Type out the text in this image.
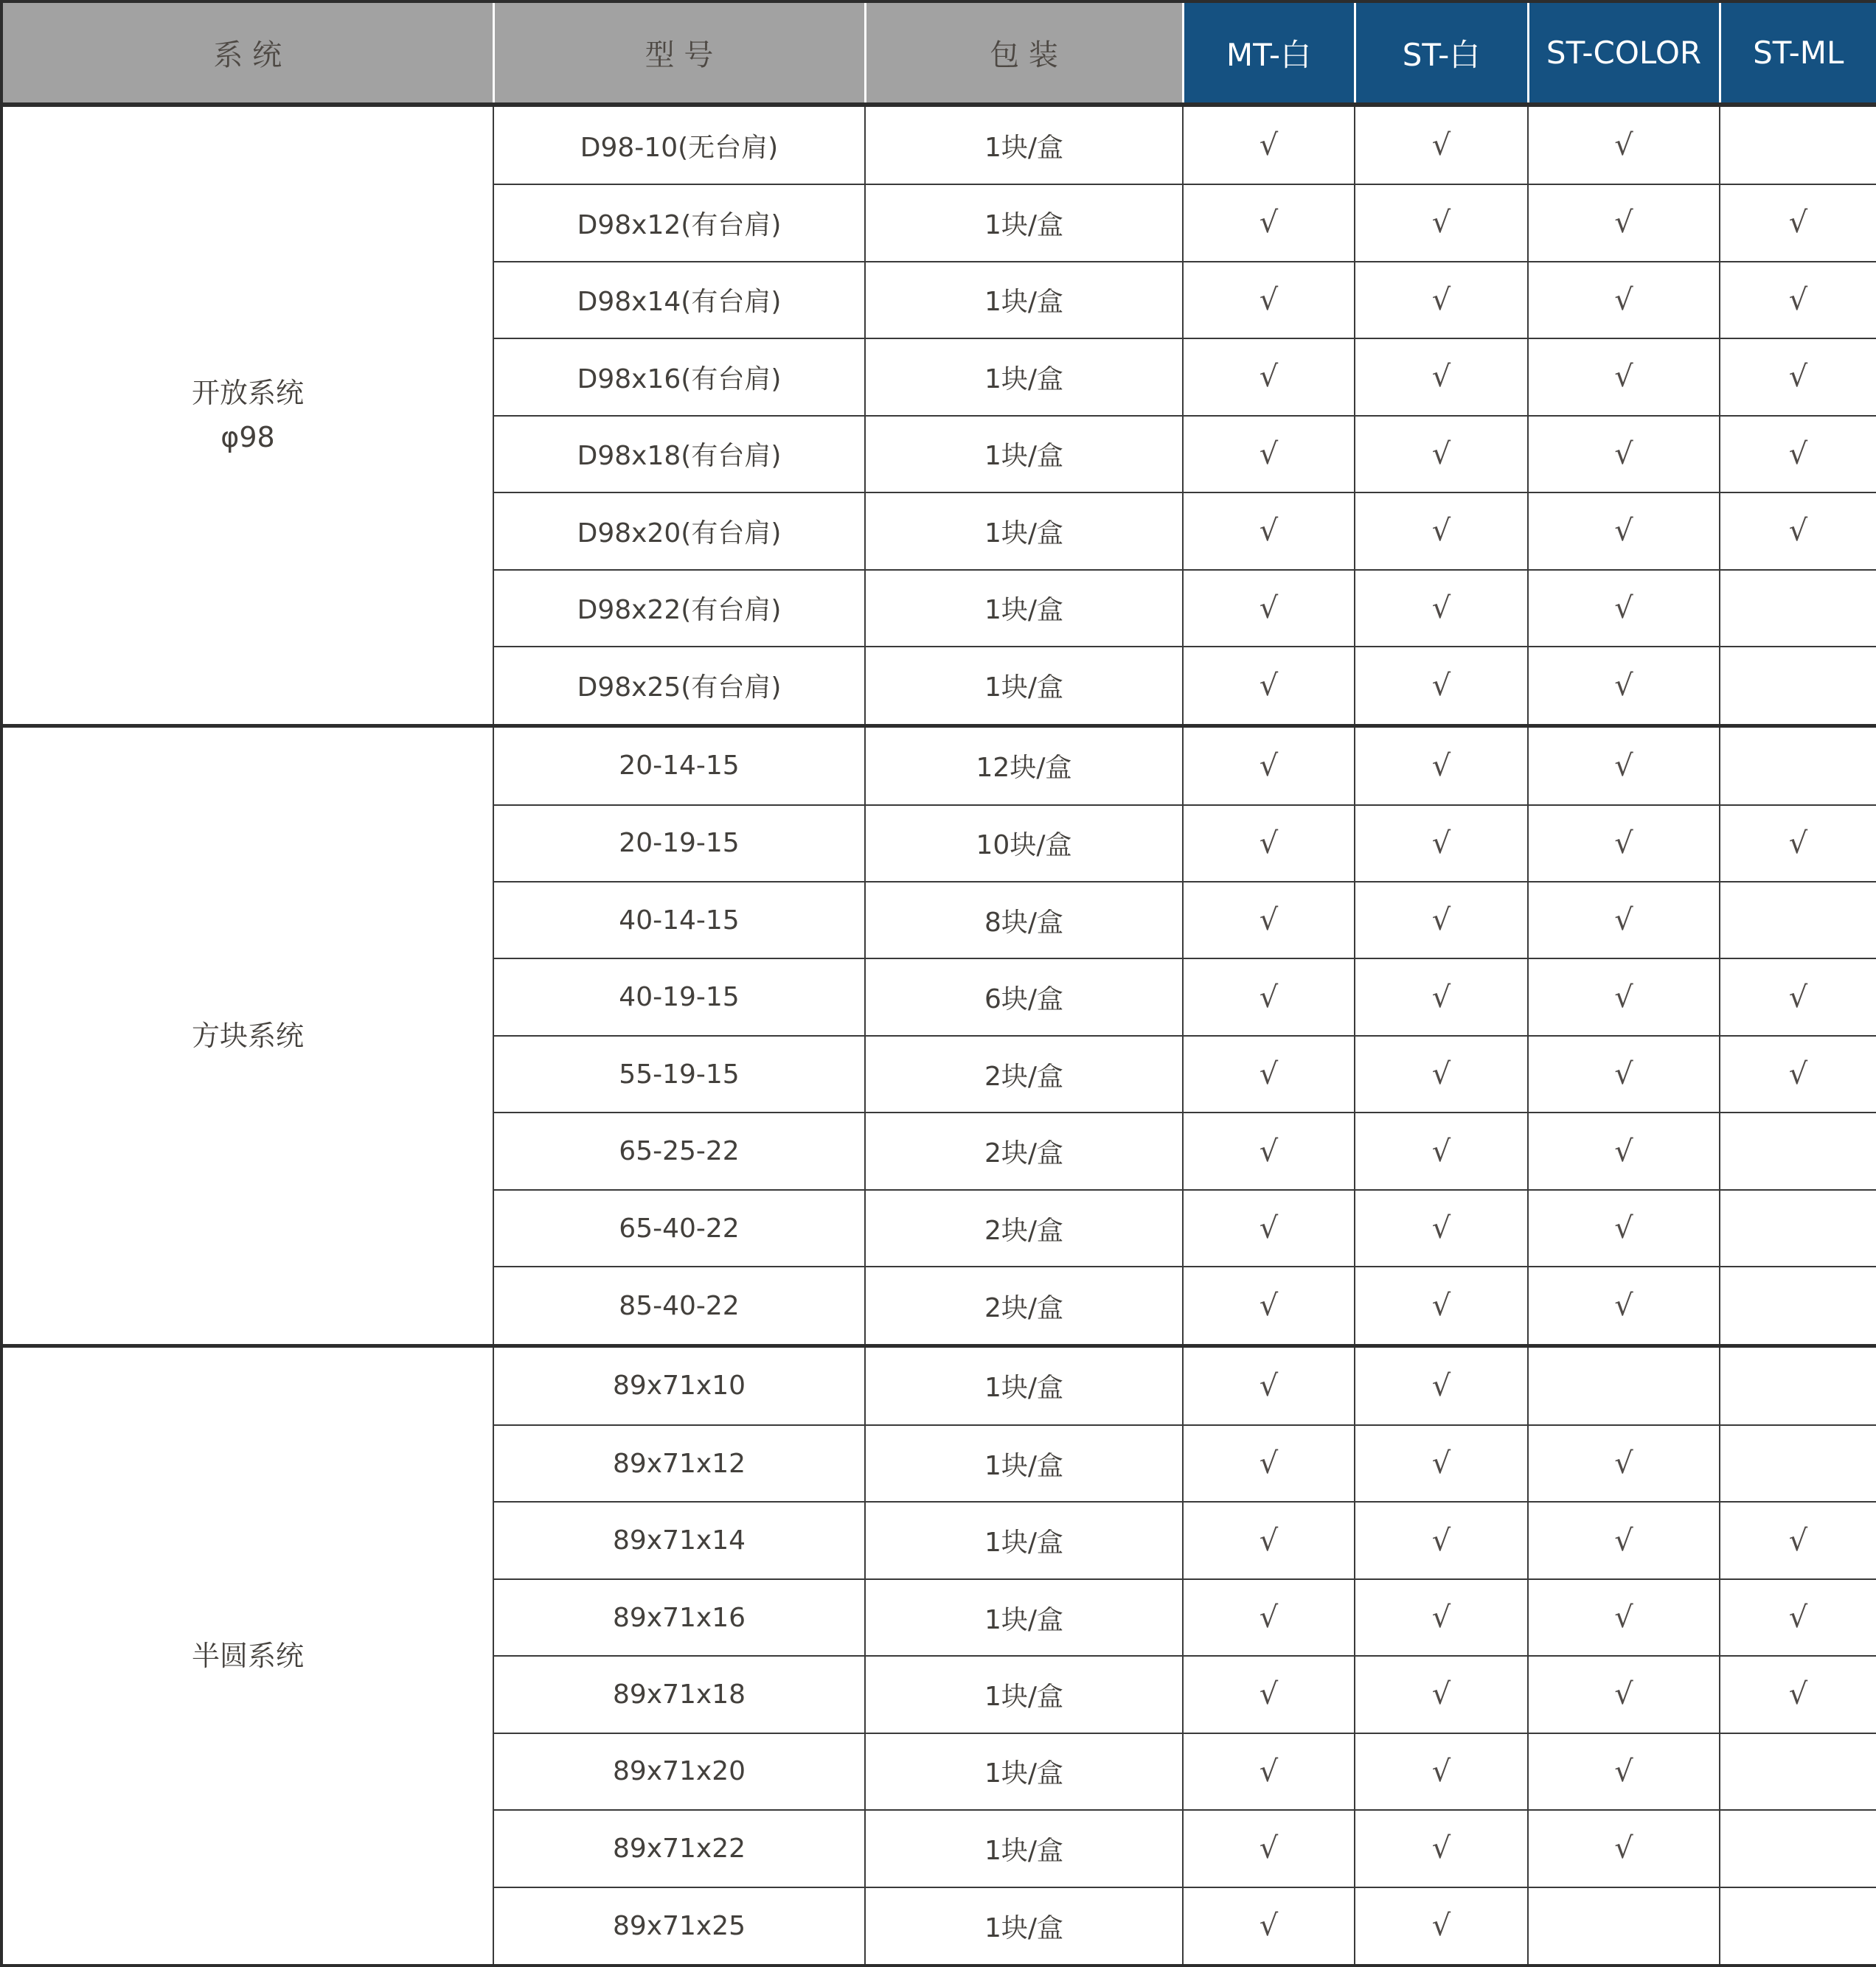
系 统	型 号	包 装	MT-白	ST-白	ST-COLOR	ST-ML

开放系统
φ98	D98-10(无台肩)	1块/盒	√	√	√	
	D98x12(有台肩)	1块/盒	√	√	√	√
	D98x14(有台肩)	1块/盒	√	√	√	√
	D98x16(有台肩)	1块/盒	√	√	√	√
	D98x18(有台肩)	1块/盒	√	√	√	√
	D98x20(有台肩)	1块/盒	√	√	√	√
	D98x22(有台肩)	1块/盒	√	√	√	
	D98x25(有台肩)	1块/盒	√	√	√	

方块系统	20-14-15	12块/盒	√	√	√	
	20-19-15	10块/盒	√	√	√	√
	40-14-15	8块/盒	√	√	√	
	40-19-15	6块/盒	√	√	√	√
	55-19-15	2块/盒	√	√	√	√
	65-25-22	2块/盒	√	√	√	
	65-40-22	2块/盒	√	√	√	
	85-40-22	2块/盒	√	√	√	

半圆系统	89x71x10	1块/盒	√	√		
	89x71x12	1块/盒	√	√	√	
	89x71x14	1块/盒	√	√	√	√
	89x71x16	1块/盒	√	√	√	√
	89x71x18	1块/盒	√	√	√	√
	89x71x20	1块/盒	√	√	√	
	89x71x22	1块/盒	√	√	√	
	89x71x25	1块/盒	√	√		
